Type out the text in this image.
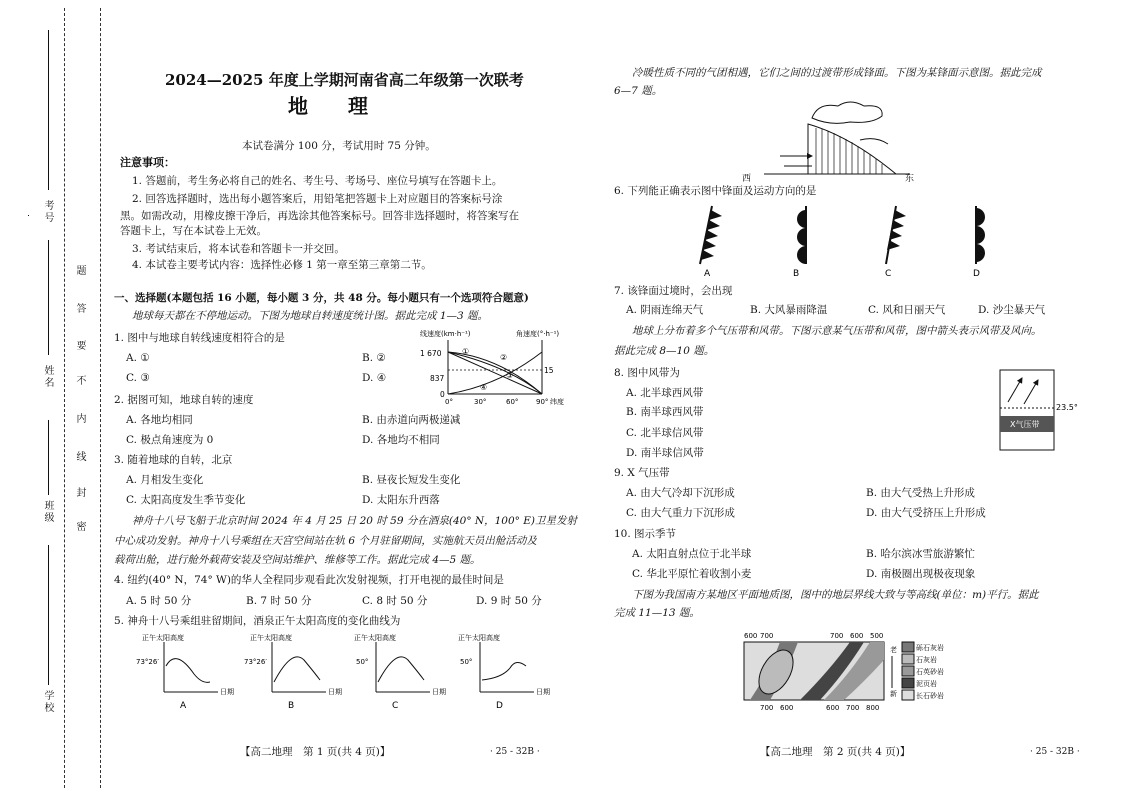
考号
姓名
班级
学校
题
答
要
不
内
线
封
密
2024—2025 年度上学期河南省高二年级第一次联考
地　　理
本试卷满分 100 分，考试用时 75 分钟。
注意事项：
1. 答题前，考生务必将自己的姓名、考生号、考场号、座位号填写在答题卡上。
2. 回答选择题时，选出每小题答案后，用铅笔把答题卡上对应题目的答案标号涂
黑。如需改动，用橡皮擦干净后，再选涂其他答案标号。回答非选择题时，将答案写在
答题卡上，写在本试卷上无效。
3. 考试结束后，将本试卷和答题卡一并交回。
4. 本试卷主要考试内容：选择性必修 1 第一章至第三章第二节。
一、选择题(本题包括 16 小题，每小题 3 分，共 48 分。每小题只有一个选项符合题意)
地球每天都在不停地运动。下图为地球自转速度统计图。据此完成 1—3 题。
1. 图中与地球自转线速度相符合的是
A. ①	B. ②
C. ③	D. ④
线速度(km·h⁻¹)	角速度(°·h⁻¹)
1 670
837
0
15
①
②
③
④
0°	30°	60°	90° 纬度
2. 据图可知，地球自转的速度
A. 各地均相同	B. 由赤道向两极递减
C. 极点角速度为 0	D. 各地均不相同
3. 随着地球的自转，北京
A. 月相发生变化	B. 昼夜长短发生变化
C. 太阳高度发生季节变化	D. 太阳东升西落
神舟十八号飞船于北京时间 2024 年 4 月 25 日 20 时 59 分在酒泉(40° N，100° E)卫星发射
中心成功发射。神舟十八号乘组在天宫空间站在轨 6 个月驻留期间，实施航天员出舱活动及
载荷出舱，进行舱外载荷安装及空间站维护、维修等工作。据此完成 4—5 题。
4. 纽约(40° N，74° W)的华人全程同步观看此次发射视频，打开电视的最佳时间是
A. 5 时 50 分	B. 7 时 50 分	C. 8 时 50 分	D. 9 时 50 分
5. 神舟十八号乘组驻留期间，酒泉正午太阳高度的变化曲线为
正午太阳高度
73°26′
日期
A
正午太阳高度
73°26′
日期
B
正午太阳高度
50°
日期
C
正午太阳高度
50°
日期
D
【高二地理　第 1 页(共 4 页)】	· 25 - 32B ·
冷暖性质不同的气团相遇，它们之间的过渡带形成锋面。下图为某锋面示意图。据此完成
6—7 题。
西	东
6. 下列能正确表示图中锋面及运动方向的是
A	B	C	D
7. 该锋面过境时，会出现
A. 阴雨连绵天气	B. 大风暴雨降温	C. 风和日丽天气	D. 沙尘暴天气
地球上分布着多个气压带和风带。下图示意某气压带和风带，图中箭头表示风带及风向。
据此完成 8—10 题。
8. 图中风带为
A. 北半球西风带
B. 南半球西风带
C. 北半球信风带
D. 南半球信风带
X气压带
23.5°
9. X 气压带
A. 由大气冷却下沉形成	B. 由大气受热上升形成
C. 由大气重力下沉形成	D. 由大气受挤压上升形成
10. 图示季节
A. 太阳直射点位于北半球	B. 哈尔滨冰雪旅游繁忙
C. 华北平原忙着收割小麦	D. 南极圈出现极夜现象
下图为我国南方某地区平面地质图，图中的地层界线大致与等高线(单位：m)平行。据此
完成 11—13 题。
600 700	700 600 500
700 600	600 700 800
老
新
砾石灰岩
石灰岩
石英砂岩
泥页岩
长石砂岩
【高二地理　第 2 页(共 4 页)】	· 25 - 32B ·
